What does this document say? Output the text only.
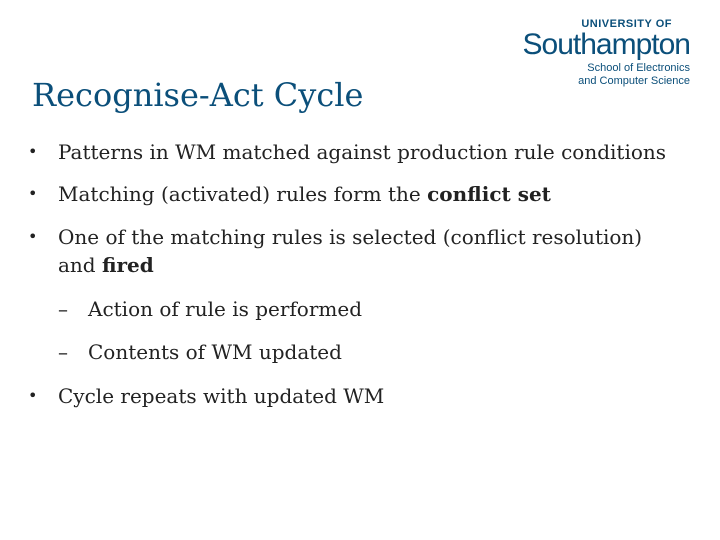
UNIVERSITY OF
Southampton
School of Electronics
and Computer Science
Recognise-Act Cycle
• Patterns in WM matched against production rule conditions
• Matching (activated) rules form the conflict set
• One of the matching rules is selected (conflict resolution) and fired
– Action of rule is performed
– Contents of WM updated
• Cycle repeats with updated WM
